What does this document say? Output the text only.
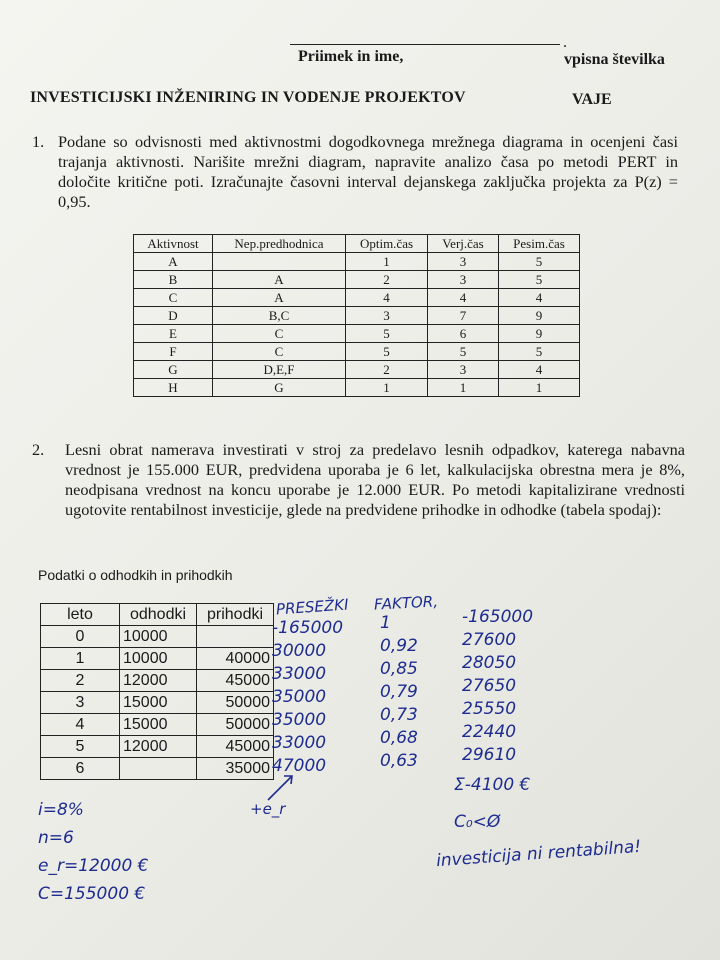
.
Priimek in ime,	vpisna številka
INVESTICIJSKI INŽENIRING IN VODENJE PROJEKTOV	VAJE
1. Podane so odvisnosti med aktivnostmi dogodkovnega mrežnega diagrama in ocenjeni časi trajanja aktivnosti. Narišite mrežni diagram, napravite analizo časa po metodi PERT in določite kritične poti. Izračunajte časovni interval dejanskega zaključka projekta za P(z) = 0,95.
Aktivnost	Nep.predhodnica	Optim.čas	Verj.čas	Pesim.čas
A		1	3	5
B	A	2	3	5
C	A	4	4	4
D	B,C	3	7	9
E	C	5	6	9
F	C	5	5	5
G	D,E,F	2	3	4
H	G	1	1	1
2. Lesni obrat namerava investirati v stroj za predelavo lesnih odpadkov, katerega nabavna vrednost je 155.000 EUR, predvidena uporaba je 6 let, kalkulacijska obrestna mera je 8%, neodpisana vrednost na koncu uporabe je 12.000 EUR. Po metodi kapitalizirane vrednosti ugotovite rentabilnost investicije, glede na predvidene prihodke in odhodke (tabela spodaj):
Podatki o odhodkih in prihodkih
leto	odhodki	prihodki
0	10000	
1	10000	40000
2	12000	45000
3	15000	50000
4	15000	50000
5	12000	45000
6		35000
PRESEŽKI
-165000
30000
33000
35000
35000
33000
47000
FAKTOR,
1
0,92
0,85
0,79
0,73
0,68
0,63
-165000
27600
28050
27650
25550
22440
29610
Σ-4100 €
C₀<Ø
investicija ni rentabilna!
+e_r
i=8%
n=6
e_r=12000 €
C=155000 €
